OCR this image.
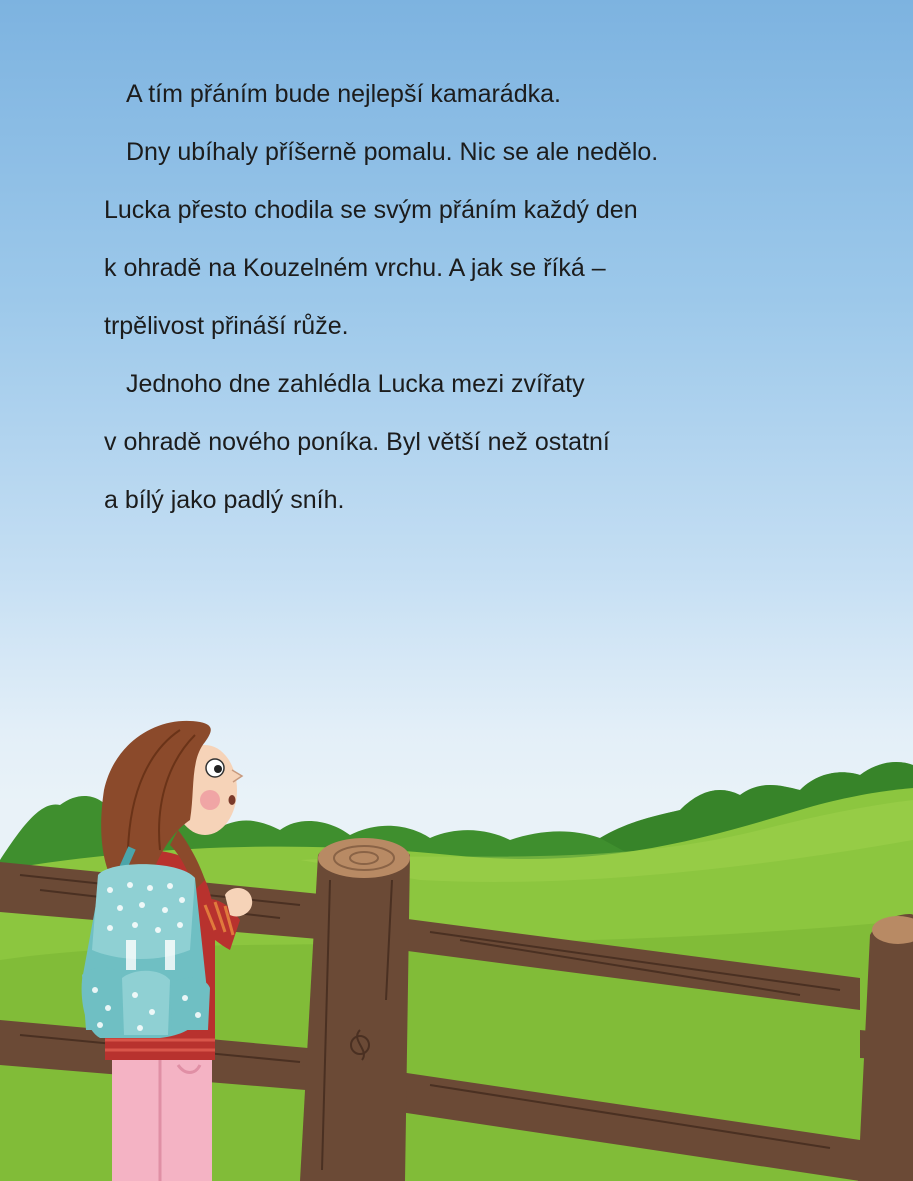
A tím přáním bude nejlepší kamarádka.
Dny ubíhaly příšerně pomalu. Nic se ale nedělo.
Lucka přesto chodila se svým přáním každý den
k ohradě na Kouzelném vrchu. A jak se říká –
trpělivost přináší růže.
Jednoho dne zahlédla Lucka mezi zvířaty
v ohradě nového poníka. Byl větší než ostatní
a bílý jako padlý sníh.
